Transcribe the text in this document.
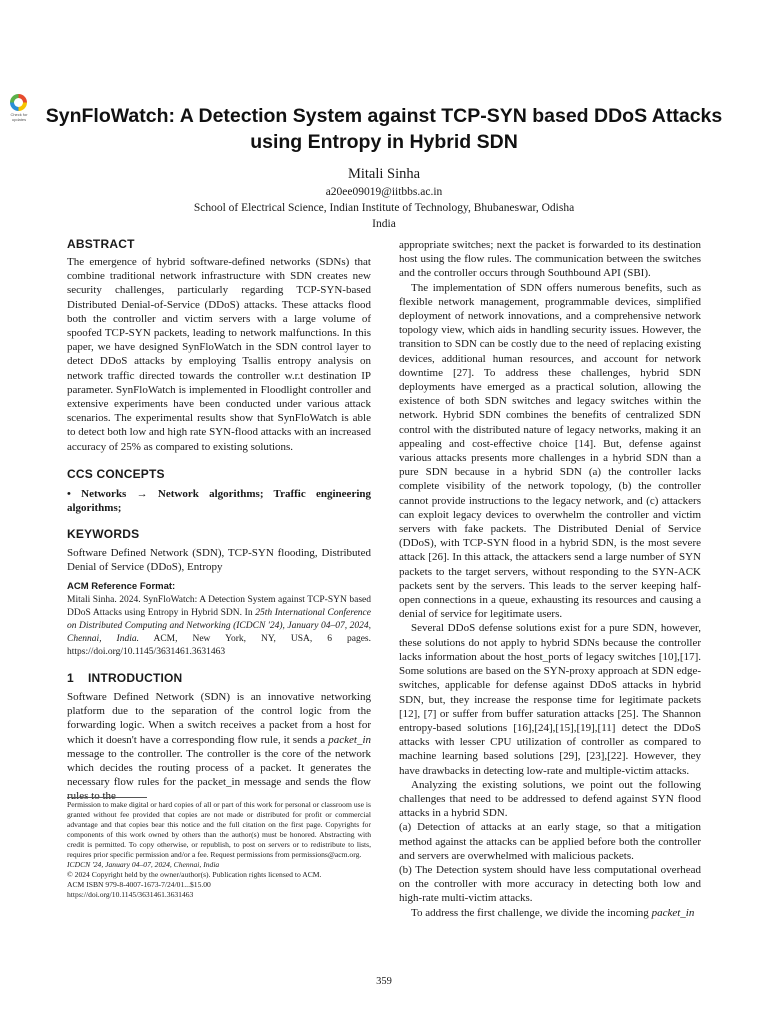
Check for updates	SynFloWatch: A Detection System against TCP-SYN based DDoS Attacks using Entropy in Hybrid SDN
Mitali Sinha
a20ee09019@iitbbs.ac.in
School of Electrical Science, Indian Institute of Technology, Bhubaneswar, Odisha
India
ABSTRACT

The emergence of hybrid software-defined networks (SDNs) that combine traditional network infrastructure with SDN creates new security challenges, particularly regarding TCP-SYN-based Distributed Denial-of-Service (DDoS) attacks. These attacks flood both the controller and victim servers with a large volume of spoofed TCP-SYN packets, leading to network malfunctions. In this paper, we have designed SynFloWatch in the SDN control layer to detect DDoS attacks by employing Tsallis entropy analysis on network traffic directed towards the controller w.r.t destination IP parameter. SynFloWatch is implemented in Floodlight controller and extensive experiments have been conducted under various attack scenarios. The experimental results show that SynFloWatch is able to detect both low and high rate SYN-flood attacks with an increased accuracy of 25% as compared to existing solutions.

CCS CONCEPTS
• Networks → Network algorithms; Traffic engineering algorithms;
KEYWORDS
Software Defined Network (SDN), TCP-SYN flooding, Distributed Denial of Service (DDoS), Entropy
ACM Reference Format:
Mitali Sinha. 2024. SynFloWatch: A Detection System against TCP-SYN based DDoS Attacks using Entropy in Hybrid SDN. In 25th International Conference on Distributed Computing and Networking (ICDCN '24), January 04–07, 2024, Chennai, India. ACM, New York, NY, USA, 6 pages. https://doi.org/10.1145/3631461.3631463
1 INTRODUCTION

Software Defined Network (SDN) is an innovative networking platform due to the separation of the control logic from the forwarding logic. When a switch receives a packet from a host for which it doesn't have a corresponding flow rule, it sends a packet_in message to the controller. The controller is the core of the network which decides the routing process of a packet. It generates the necessary flow rules for the packet_in message and sends the flow rules to the

Permission to make digital or hard copies of all or part of this work for personal or classroom use is granted without fee provided that copies are not made or distributed for profit or commercial advantage and that copies bear this notice and the full citation on the first page. Copyrights for components of this work owned by others than the author(s) must be honored. Abstracting with credit is permitted. To copy otherwise, or republish, to post on servers or to redistribute to lists, requires prior specific permission and/or a fee. Request permissions from permissions@acm.org.

ICDCN '24, January 04–07, 2024, Chennai, India

© 2024 Copyright held by the owner/author(s). Publication rights licensed to ACM.

ACM ISBN 979-8-4007-1673-7/24/01...$15.00

https://doi.org/10.1145/3631461.3631463

appropriate switches; next the packet is forwarded to its destination host using the flow rules. The communication between the switches and the controller occurs through Southbound API (SBI).

The implementation of SDN offers numerous benefits, such as flexible network management, programmable devices, simplified deployment of network innovations, and a comprehensive network topology view, which aids in handling security issues. However, the transition to SDN can be costly due to the need of replacing existing devices, additional human resources, and account for network downtime [27]. To address these challenges, hybrid SDN deployments have emerged as a practical solution, allowing the existence of both SDN switches and legacy switches within the network. Hybrid SDN combines the benefits of centralized SDN control with the distributed nature of legacy networks, making it an appealing and cost-effective choice [14]. But, defense against various attacks presents more challenges in a hybrid SDN than a pure SDN because in a hybrid SDN (a) the controller lacks complete visibility of the network topology, (b) the controller cannot provide instructions to the legacy network, and (c) attackers can exploit legacy devices to overwhelm the controller and victim servers with fake packets. The Distributed Denial of Service (DDoS), with TCP-SYN flood in a hybrid SDN, is the most severe attack [26]. In this attack, the attackers send a large number of SYN packets to the target servers, without responding to the SYN-ACK packets sent by the servers. This leads to the server keeping half-open connections in a queue, exhausting its resources and causing a denial of service for legitimate users.

Several DDoS defense solutions exist for a pure SDN, however, these solutions do not apply to hybrid SDNs because the controller lacks information about the host_ports of legacy switches [10],[17]. Some solutions are based on the SYN-proxy approach at SDN edge-switches, applicable for defense against DDoS attacks in hybrid SDN, but, they increase the response time for legitimate packets [12], [7] or suffer from buffer saturation attacks [25]. The Shannon entropy-based solutions [16],[24],[15],[19],[11] detect the DDoS attacks with lesser CPU utilization of controller as compared to machine learning based solutions [29], [23],[22]. However, they have drawbacks in detecting low-rate and multiple-victim attacks.

Analyzing the existing solutions, we point out the following challenges that need to be addressed to defend against SYN flood attacks in a hybrid SDN.

(a) Detection of attacks at an early stage, so that a mitigation method against the attacks can be applied before both the controller and servers are overwhelmed with malicious packets.

(b) The Detection system should have less computational overhead on the controller with more accuracy in detecting both low and high-rate multi-victim attacks.

To address the first challenge, we divide the incoming packet_in

359
